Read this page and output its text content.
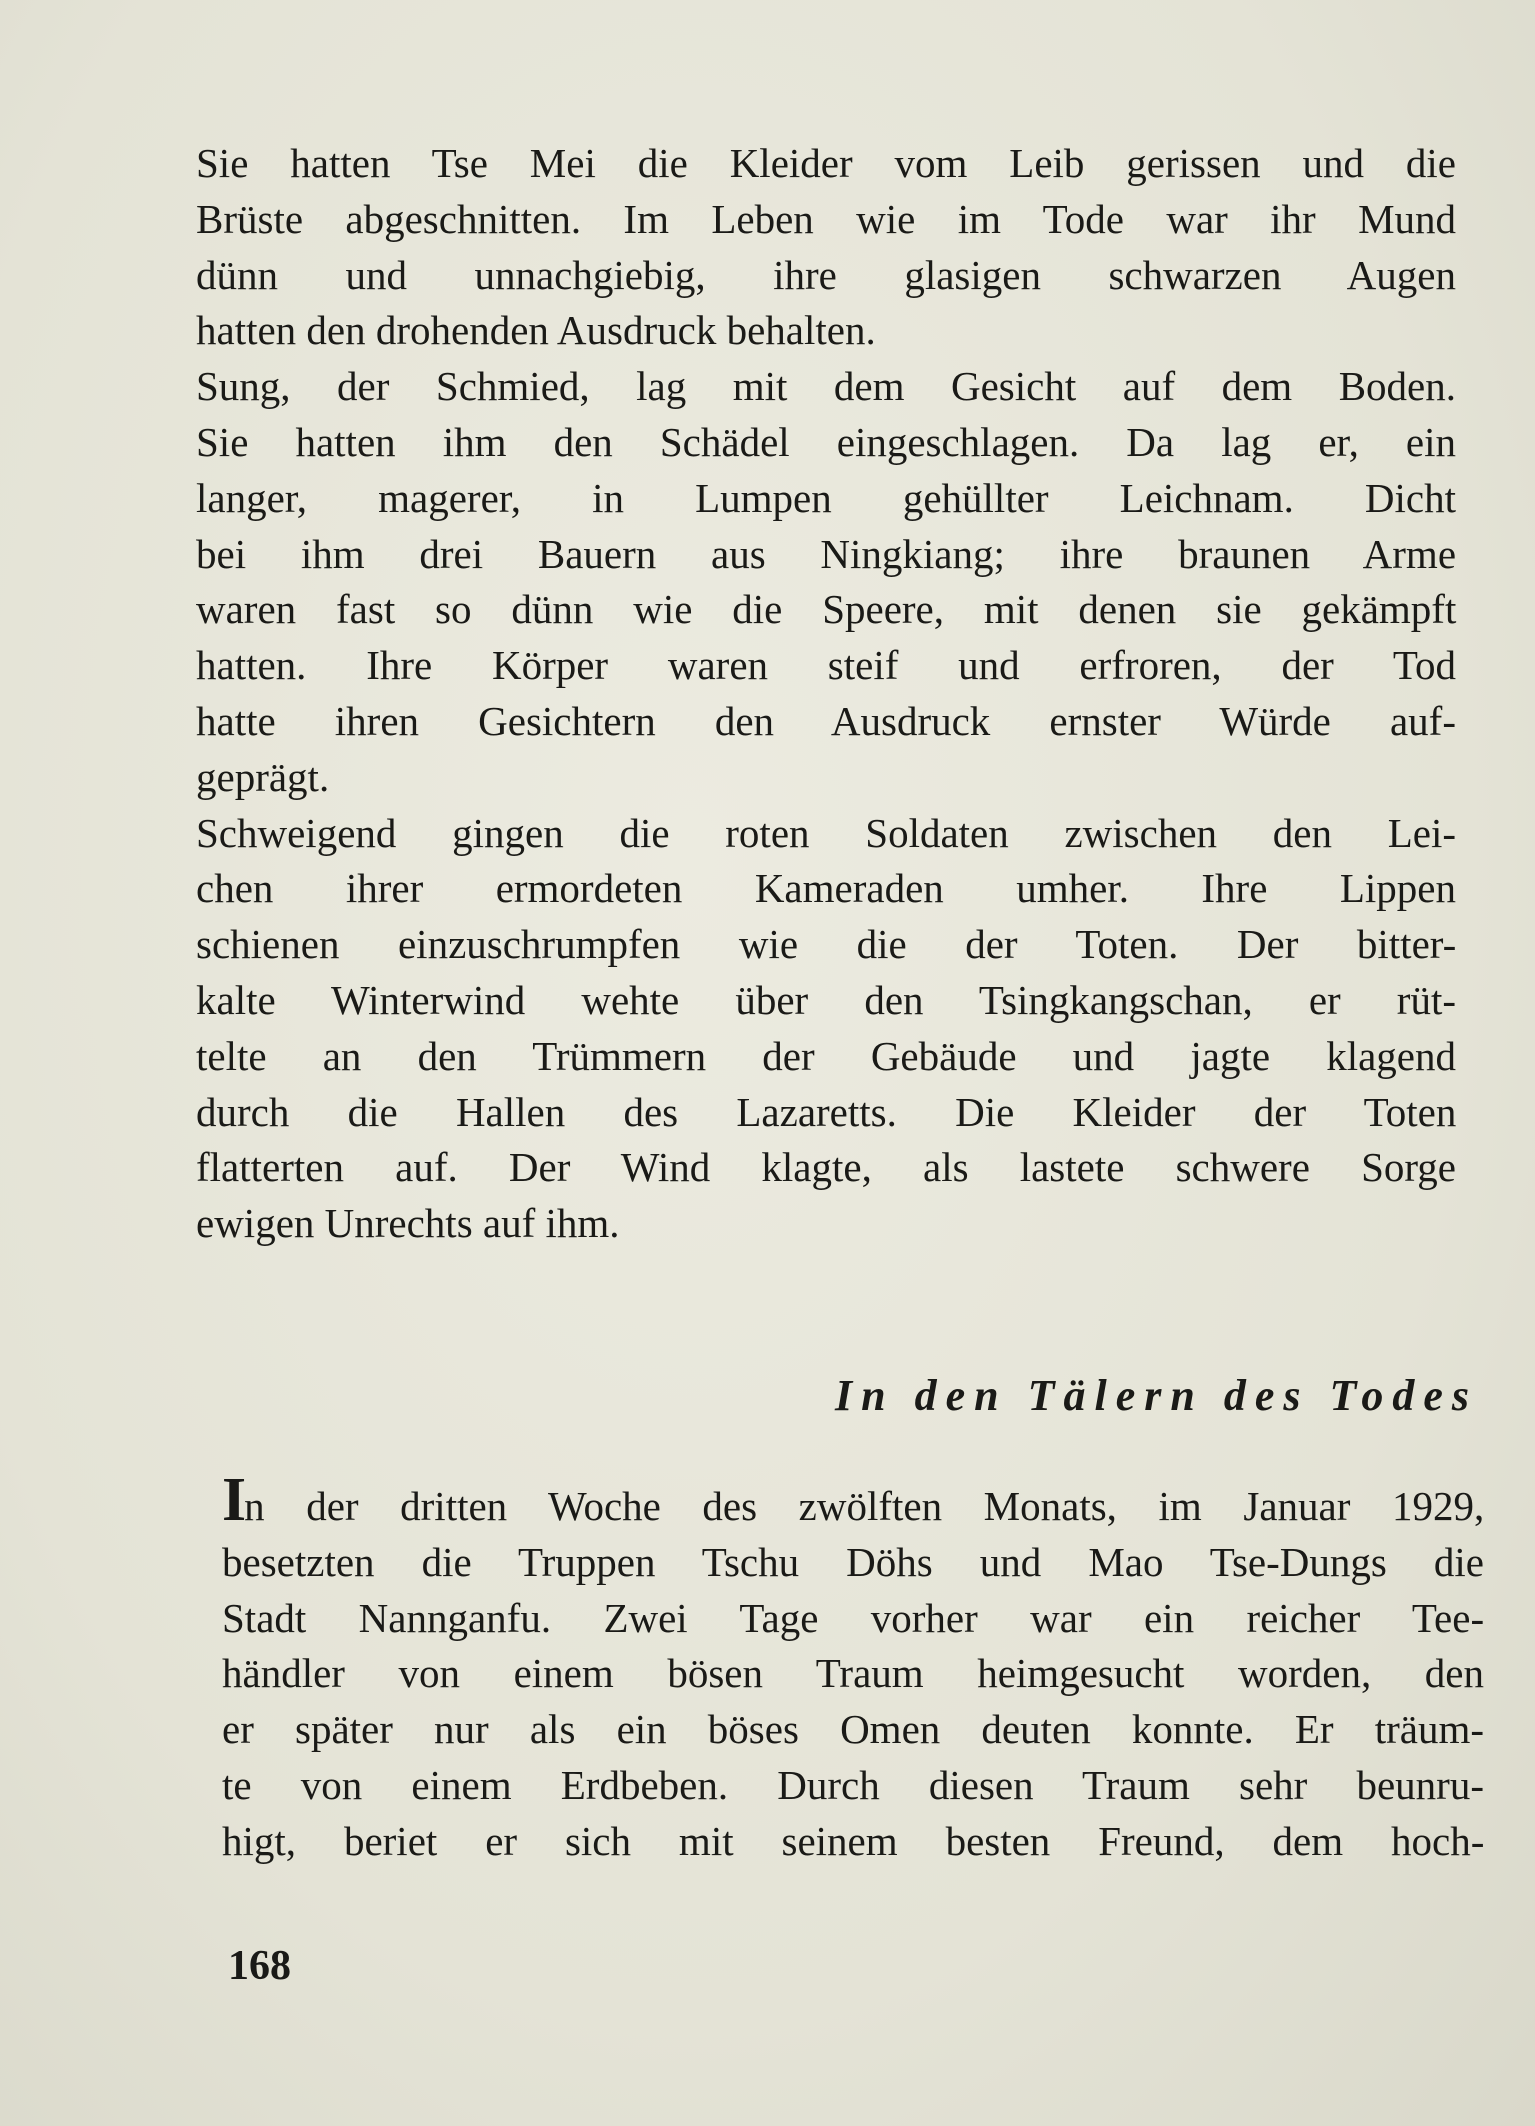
Sie hatten Tse Mei die Kleider vom Leib gerissen und die
Brüste abgeschnitten. Im Leben wie im Tode war ihr Mund
dünn und unnachgiebig, ihre glasigen schwarzen Augen
hatten den drohenden Ausdruck behalten.
Sung, der Schmied, lag mit dem Gesicht auf dem Boden.
Sie hatten ihm den Schädel eingeschlagen. Da lag er, ein
langer, magerer, in Lumpen gehüllter Leichnam. Dicht
bei ihm drei Bauern aus Ningkiang; ihre braunen Arme
waren fast so dünn wie die Speere, mit denen sie gekämpft
hatten. Ihre Körper waren steif und erfroren, der Tod
hatte ihren Gesichtern den Ausdruck ernster Würde auf-
geprägt.
Schweigend gingen die roten Soldaten zwischen den Lei-
chen ihrer ermordeten Kameraden umher. Ihre Lippen
schienen einzuschrumpfen wie die der Toten. Der bitter-
kalte Winterwind wehte über den Tsingkangschan, er rüt-
telte an den Trümmern der Gebäude und jagte klagend
durch die Hallen des Lazaretts. Die Kleider der Toten
flatterten auf. Der Wind klagte, als lastete schwere Sorge
ewigen Unrechts auf ihm.
In den Tälern des Todes
In der dritten Woche des zwölften Monats, im Januar 1929,
besetzten die Truppen Tschu Döhs und Mao Tse-Dungs die
Stadt Nannganfu. Zwei Tage vorher war ein reicher Tee-
händler von einem bösen Traum heimgesucht worden, den
er später nur als ein böses Omen deuten konnte. Er träum-
te von einem Erdbeben. Durch diesen Traum sehr beunru-
higt, beriet er sich mit seinem besten Freund, dem hoch-
168
